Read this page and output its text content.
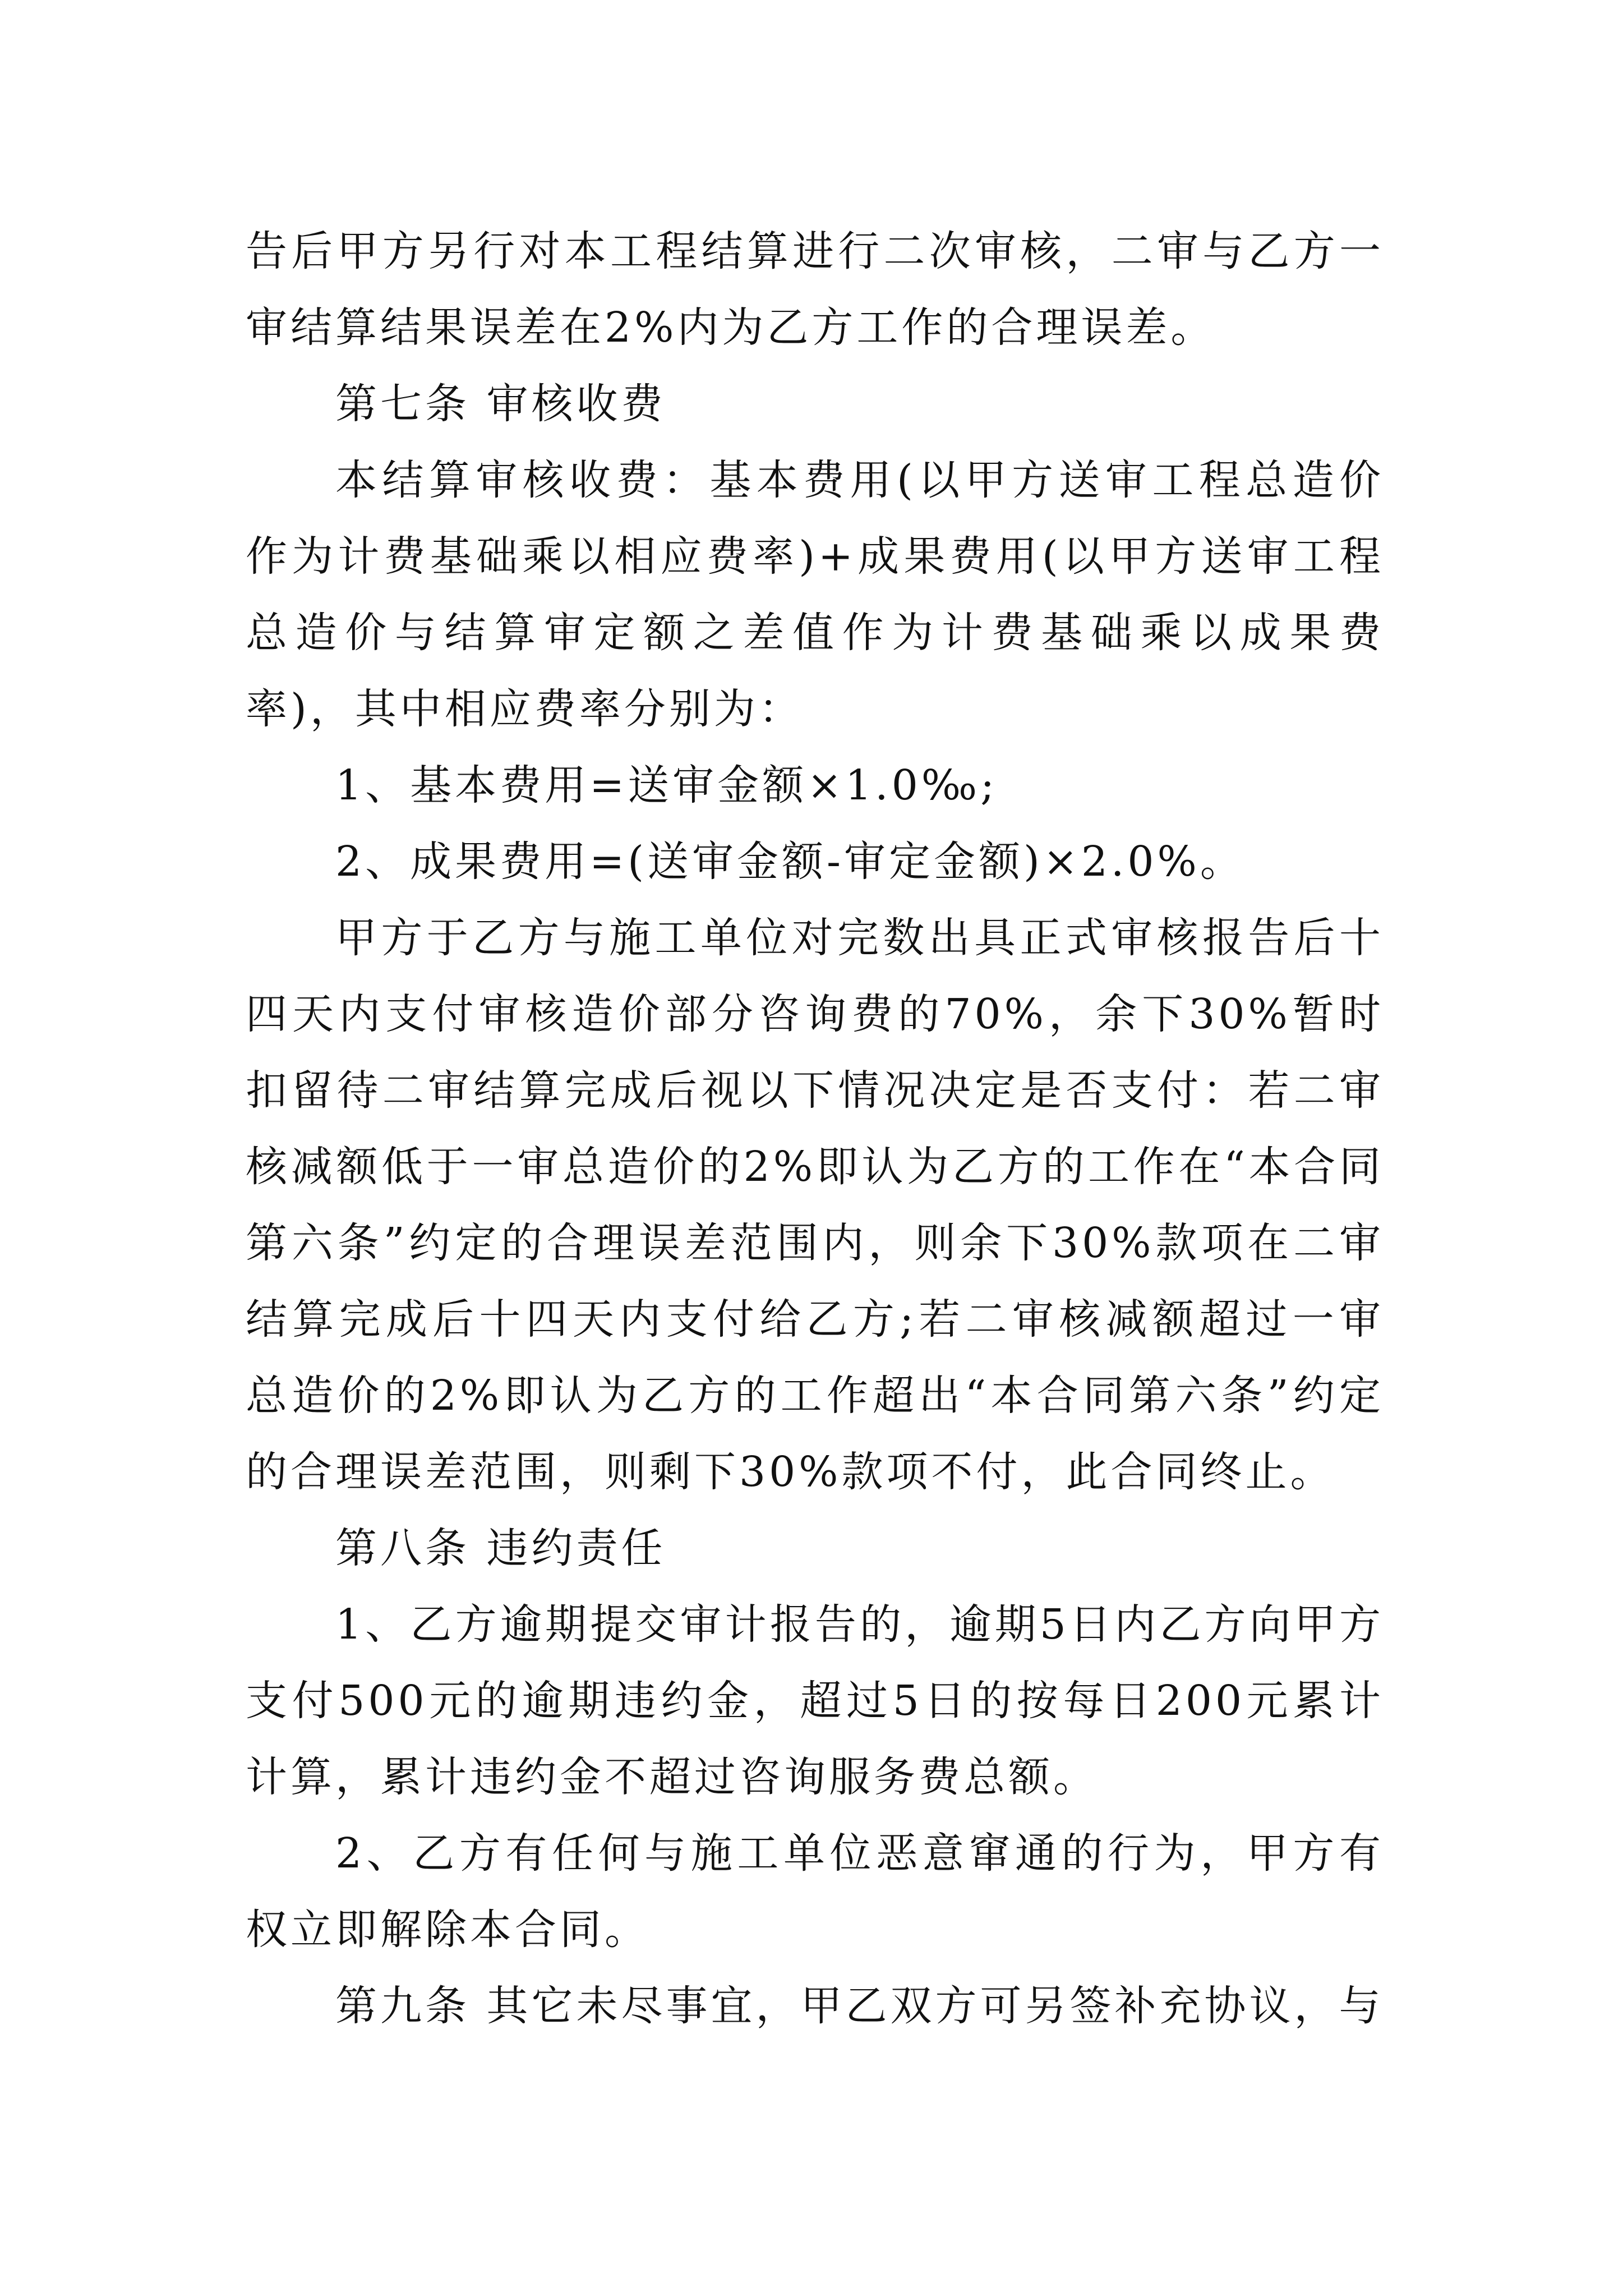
告后甲方另行对本工程结算进行二次审核，二审与乙方一审结算结果误差在2%内为乙方工作的合理误差。

第七条 审核收费

本结算审核收费：基本费用(以甲方送审工程总造价作为计费基础乘以相应费率)+成果费用(以甲方送审工程总造价与结算审定额之差值作为计费基础乘以成果费率)，其中相应费率分别为：

1、基本费用=送审金额×1.0‰;

2、成果费用=(送审金额-审定金额)×2.0%。

甲方于乙方与施工单位对完数出具正式审核报告后十四天内支付审核造价部分咨询费的70%，余下30%暂时扣留待二审结算完成后视以下情况决定是否支付：若二审核减额低于一审总造价的2%即认为乙方的工作在“本合同第六条”约定的合理误差范围内，则余下30%款项在二审结算完成后十四天内支付给乙方;若二审核减额超过一审总造价的2%即认为乙方的工作超出“本合同第六条”约定的合理误差范围，则剩下30%款项不付，此合同终止。

第八条 违约责任

1、乙方逾期提交审计报告的，逾期5日内乙方向甲方支付500元的逾期违约金，超过5日的按每日200元累计计算，累计违约金不超过咨询服务费总额。

2、乙方有任何与施工单位恶意窜通的行为，甲方有权立即解除本合同。

第九条 其它未尽事宜，甲乙双方可另签补充协议，与
